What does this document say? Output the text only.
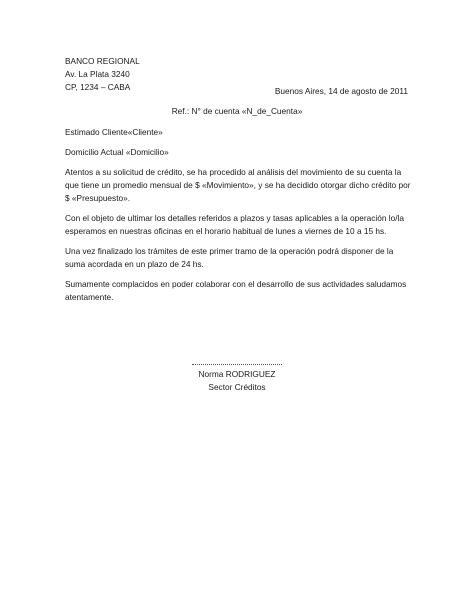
BANCO REGIONAL
Av. La Plata 3240
CP, 1234 – CABA	Buenos Aires, 14 de agosto de 2011
Ref.: N° de cuenta «N_de_Cuenta»
Estimado Cliente«Cliente»
Domicilio Actual «Domicilio»

Atentos a su solicitud de crédito, se ha procedido al análisis del movimiento de su cuenta la que tiene un promedio mensual de $ «Movimiento», y se ha decidido otorgar dicho crédito por $ «Presupuesto».

Con el objeto de ultimar los detalles referidos a plazos y tasas aplicables a la operación lo/la esperamos en nuestras oficinas en el horario habitual de lunes a viernes de 10 a 15 hs.

Una vez finalizado los trámites de este primer tramo de la operación podrá disponer de la suma acordada en un plazo de 24 hs.

Sumamente complacidos en poder colaborar con el desarrollo de sus actividades saludamos atentamente.

Norma RODRIGUEZ
Sector Créditos
